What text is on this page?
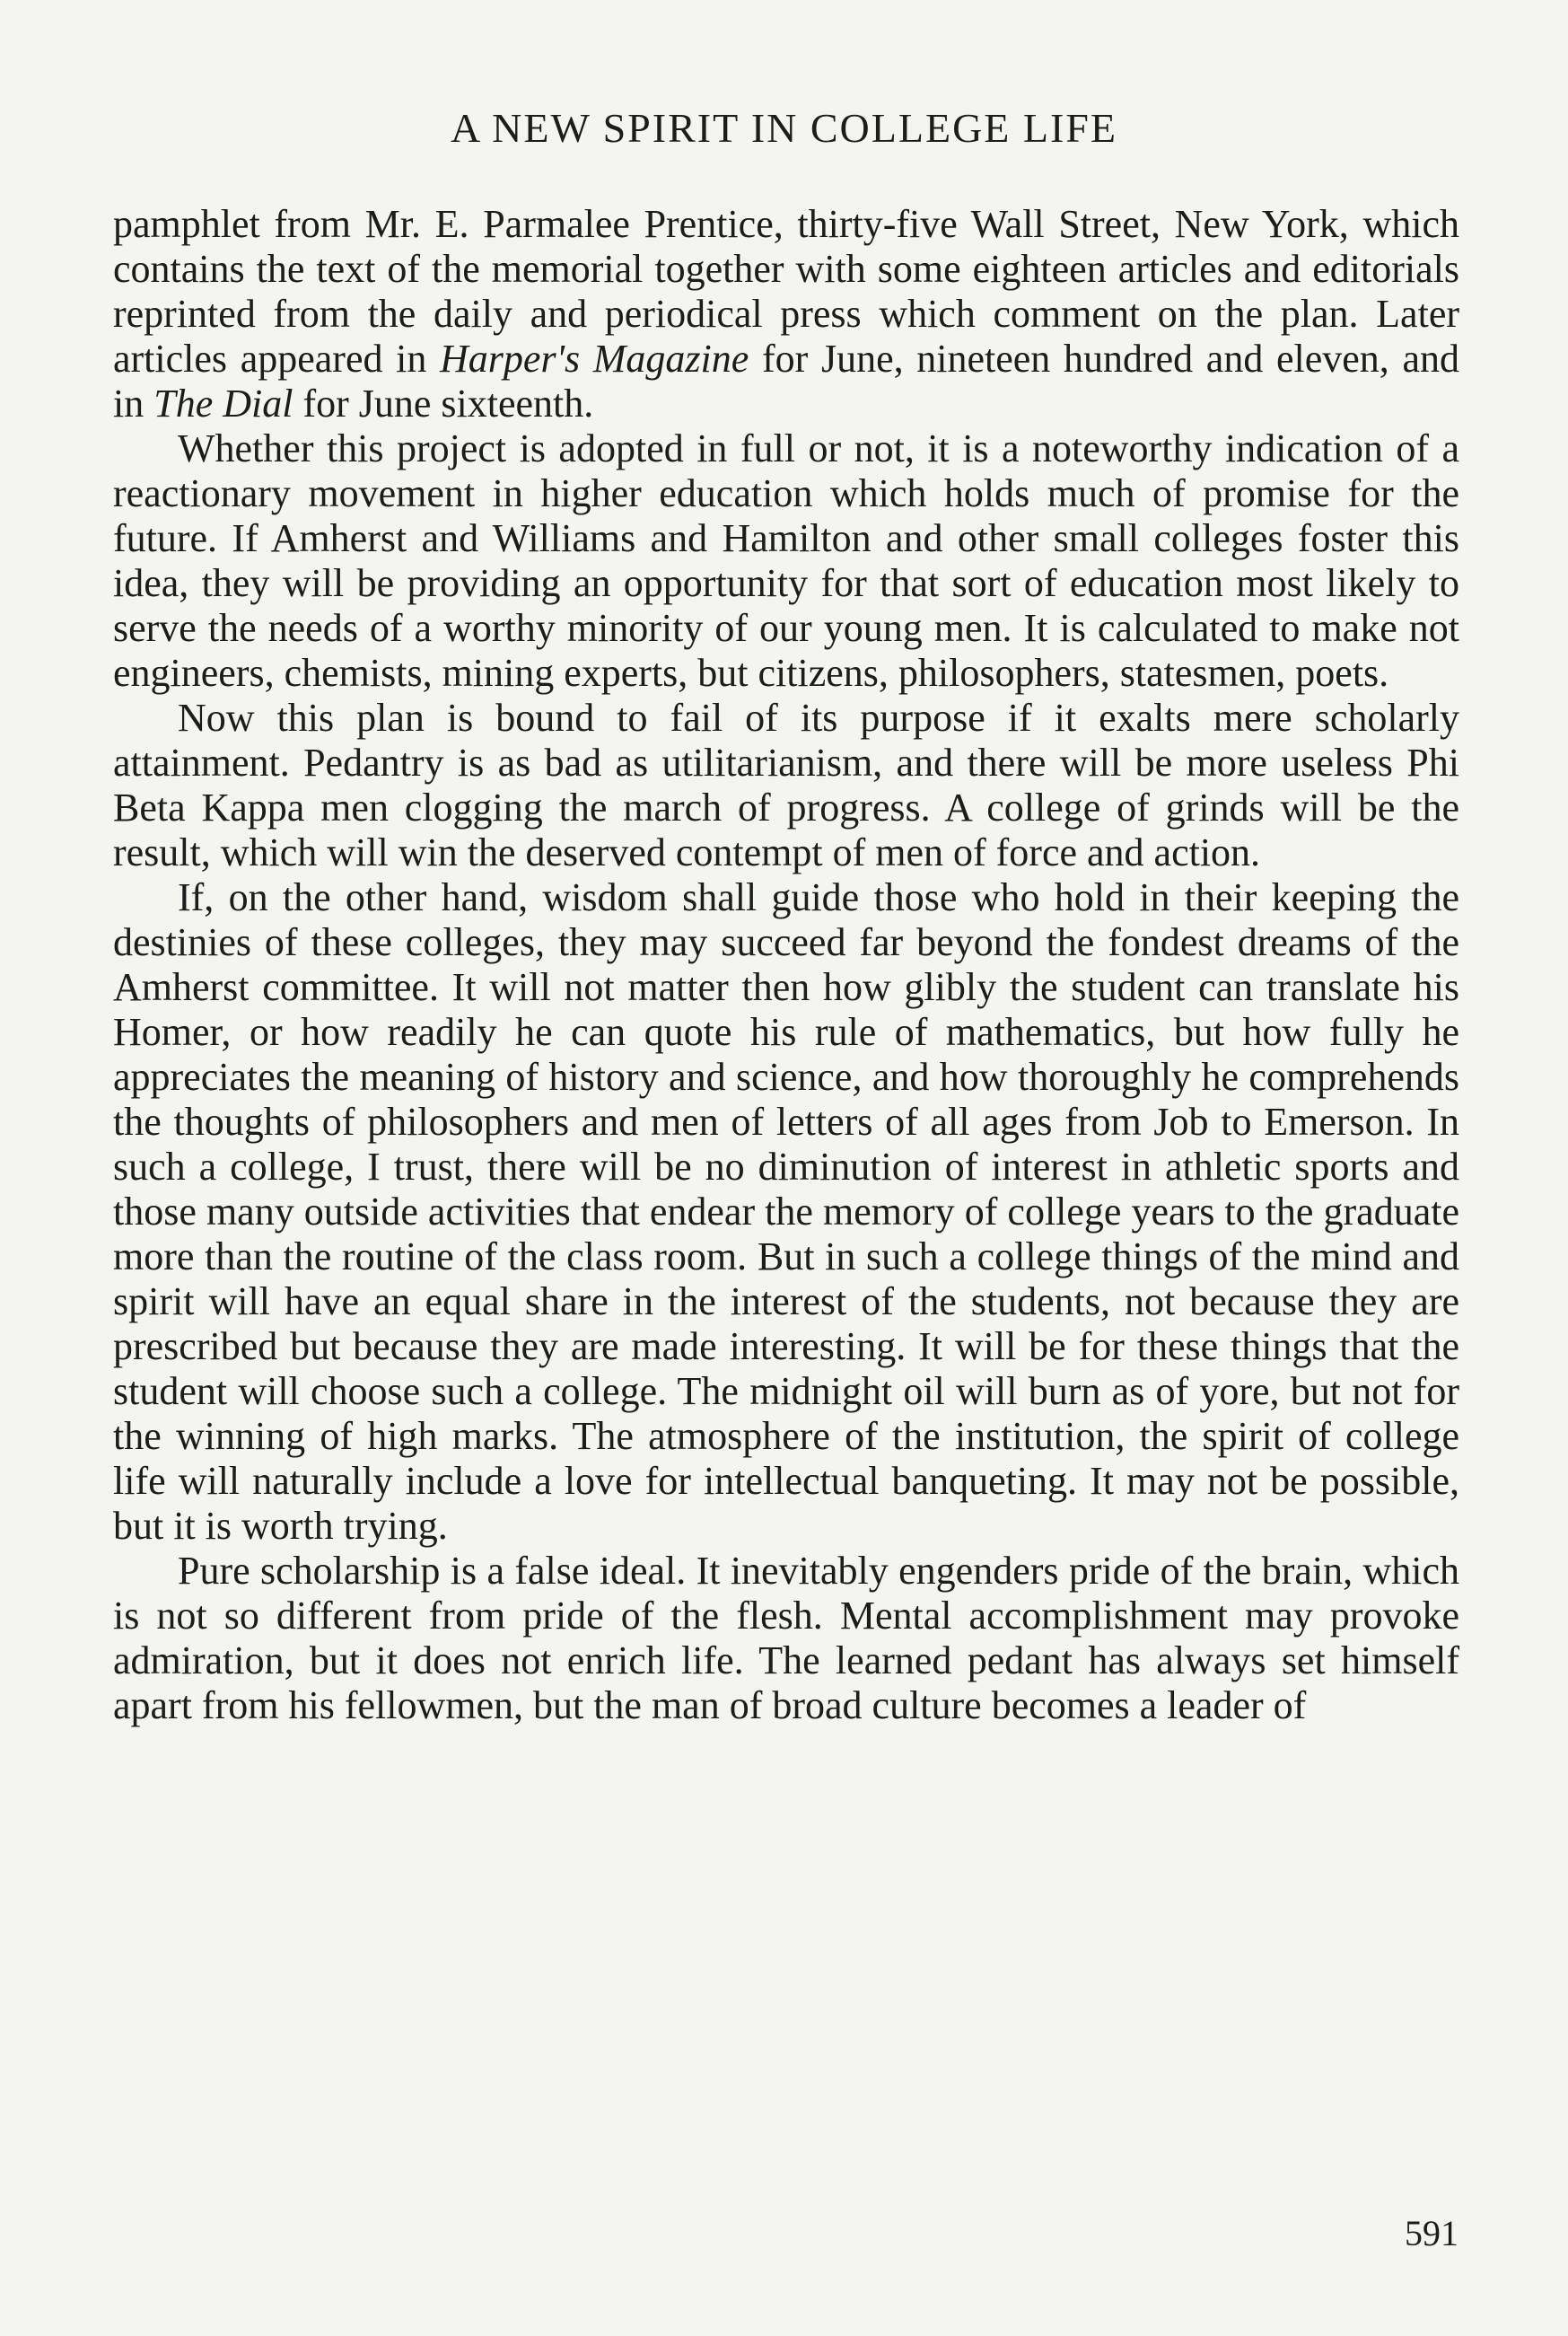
A NEW SPIRIT IN COLLEGE LIFE

pamphlet from Mr. E. Parmalee Prentice, thirty-five Wall Street, New York, which contains the text of the memorial together with some eighteen articles and editorials reprinted from the daily and periodical press which comment on the plan. Later articles appeared in Harper's Magazine for June, nineteen hundred and eleven, and in The Dial for June sixteenth.

Whether this project is adopted in full or not, it is a noteworthy indication of a reactionary movement in higher education which holds much of promise for the future. If Amherst and Williams and Hamilton and other small colleges foster this idea, they will be providing an opportunity for that sort of education most likely to serve the needs of a worthy minority of our young men. It is calculated to make not engineers, chemists, mining experts, but citizens, philosophers, statesmen, poets.

Now this plan is bound to fail of its purpose if it exalts mere scholarly attainment. Pedantry is as bad as utilitarianism, and there will be more useless Phi Beta Kappa men clogging the march of progress. A college of grinds will be the result, which will win the deserved contempt of men of force and action.

If, on the other hand, wisdom shall guide those who hold in their keeping the destinies of these colleges, they may succeed far beyond the fondest dreams of the Amherst committee. It will not matter then how glibly the student can translate his Homer, or how readily he can quote his rule of mathematics, but how fully he appreciates the meaning of history and science, and how thoroughly he comprehends the thoughts of philosophers and men of letters of all ages from Job to Emerson. In such a college, I trust, there will be no diminution of interest in athletic sports and those many outside activities that endear the memory of college years to the graduate more than the routine of the class room. But in such a college things of the mind and spirit will have an equal share in the interest of the students, not because they are prescribed but because they are made interesting. It will be for these things that the student will choose such a college. The midnight oil will burn as of yore, but not for the winning of high marks. The atmosphere of the institution, the spirit of college life will naturally include a love for intellectual banqueting. It may not be possible, but it is worth trying.

Pure scholarship is a false ideal. It inevitably engenders pride of the brain, which is not so different from pride of the flesh. Mental accomplishment may provoke admiration, but it does not enrich life. The learned pedant has always set himself apart from his fellowmen, but the man of broad culture becomes a leader of

591
